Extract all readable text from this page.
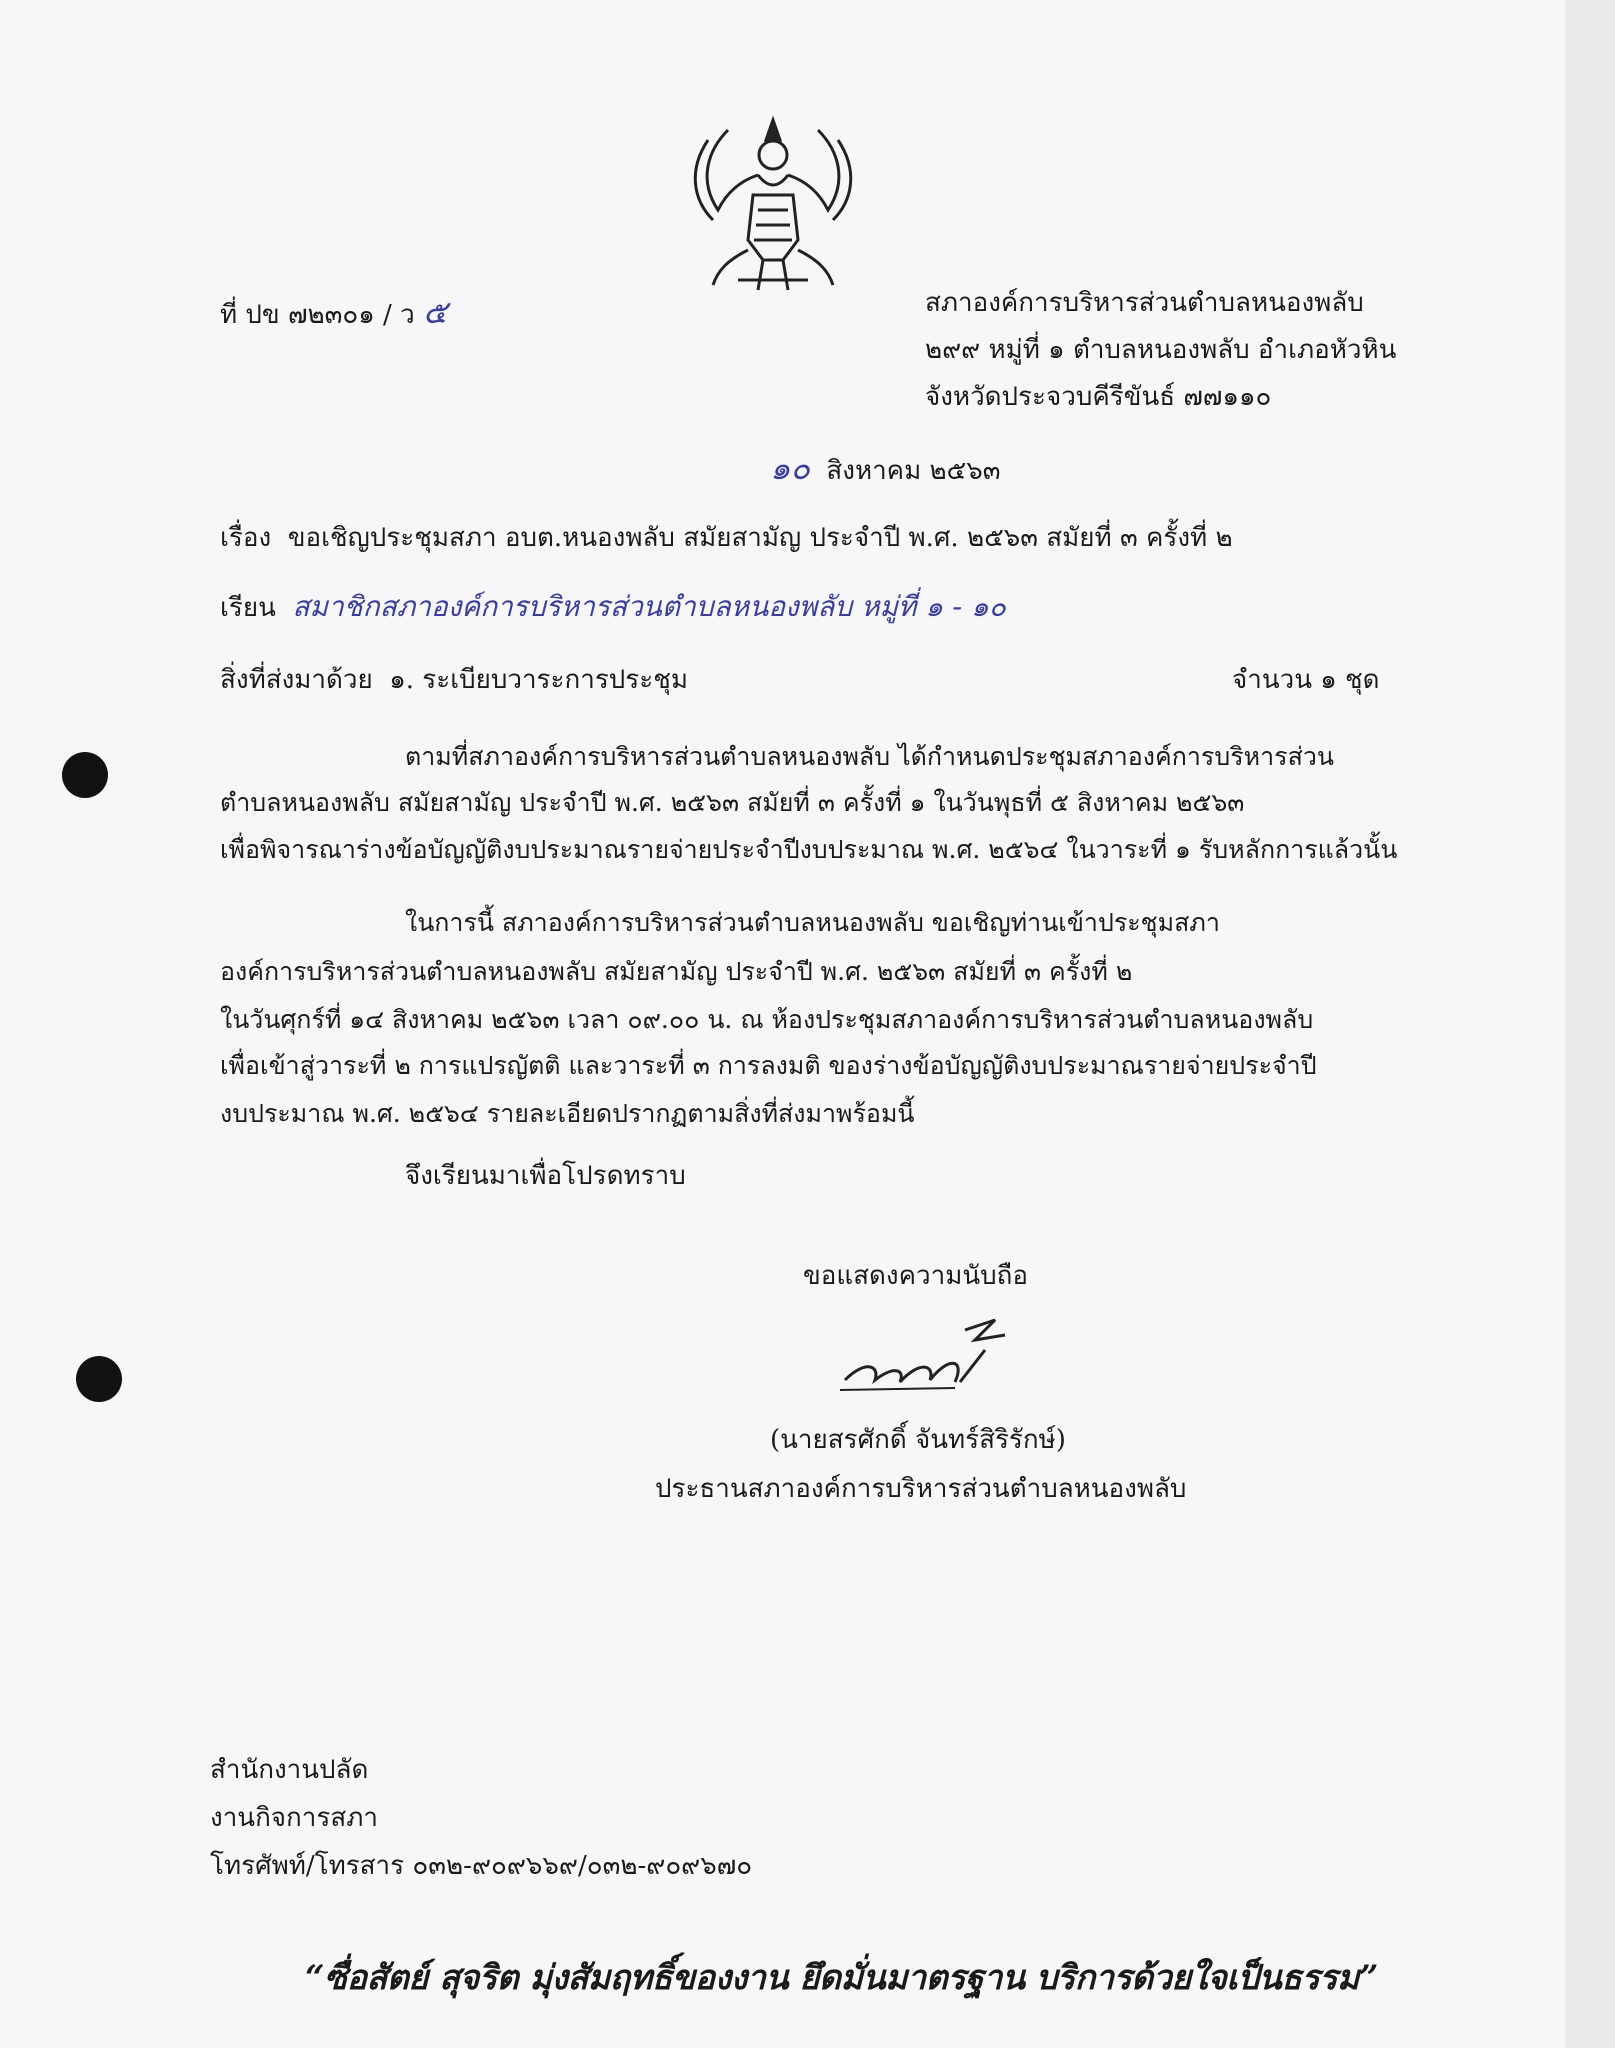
ที่ ปข ๗๒๓๐๑ / ว ๕	สภาองค์การบริหารส่วนตำบลหนองพลับ
๒๙๙ หมู่ที่ ๑ ตำบลหนองพลับ อำเภอหัวหิน
จังหวัดประจวบคีรีขันธ์ ๗๗๑๑๐
๑๐ สิงหาคม ๒๕๖๓
เรื่อง ขอเชิญประชุมสภา อบต.หนองพลับ สมัยสามัญ ประจำปี พ.ศ. ๒๕๖๓ สมัยที่ ๓ ครั้งที่ ๒
เรียน สมาชิกสภาองค์การบริหารส่วนตำบลหนองพลับ หมู่ที่ ๑ - ๑๐
สิ่งที่ส่งมาด้วย ๑. ระเบียบวาระการประชุม	จำนวน ๑ ชุด
ตามที่สภาองค์การบริหารส่วนตำบลหนองพลับ ได้กำหนดประชุมสภาองค์การบริหารส่วน
ตำบลหนองพลับ สมัยสามัญ ประจำปี พ.ศ. ๒๕๖๓ สมัยที่ ๓ ครั้งที่ ๑ ในวันพุธที่ ๕ สิงหาคม ๒๕๖๓
เพื่อพิจารณาร่างข้อบัญญัติงบประมาณรายจ่ายประจำปีงบประมาณ พ.ศ. ๒๕๖๔ ในวาระที่ ๑ รับหลักการแล้วนั้น
ในการนี้ สภาองค์การบริหารส่วนตำบลหนองพลับ ขอเชิญท่านเข้าประชุมสภา
องค์การบริหารส่วนตำบลหนองพลับ สมัยสามัญ ประจำปี พ.ศ. ๒๕๖๓ สมัยที่ ๓ ครั้งที่ ๒
ในวันศุกร์ที่ ๑๔ สิงหาคม ๒๕๖๓ เวลา ๐๙.๐๐ น. ณ ห้องประชุมสภาองค์การบริหารส่วนตำบลหนองพลับ
เพื่อเข้าสู่วาระที่ ๒ การแปรญัตติ และวาระที่ ๓ การลงมติ ของร่างข้อบัญญัติงบประมาณรายจ่ายประจำปี
งบประมาณ พ.ศ. ๒๕๖๔ รายละเอียดปรากฏตามสิ่งที่ส่งมาพร้อมนี้
จึงเรียนมาเพื่อโปรดทราบ
ขอแสดงความนับถือ
(นายสรศักดิ์ จันทร์สิริรักษ์)
ประธานสภาองค์การบริหารส่วนตำบลหนองพลับ
สำนักงานปลัด
งานกิจการสภา
โทรศัพท์/โทรสาร ๐๓๒-๙๐๙๖๖๙/๐๓๒-๙๐๙๖๗๐
“ซื่อสัตย์ สุจริต มุ่งสัมฤทธิ์ของงาน ยึดมั่นมาตรฐาน บริการด้วยใจเป็นธรรม”
